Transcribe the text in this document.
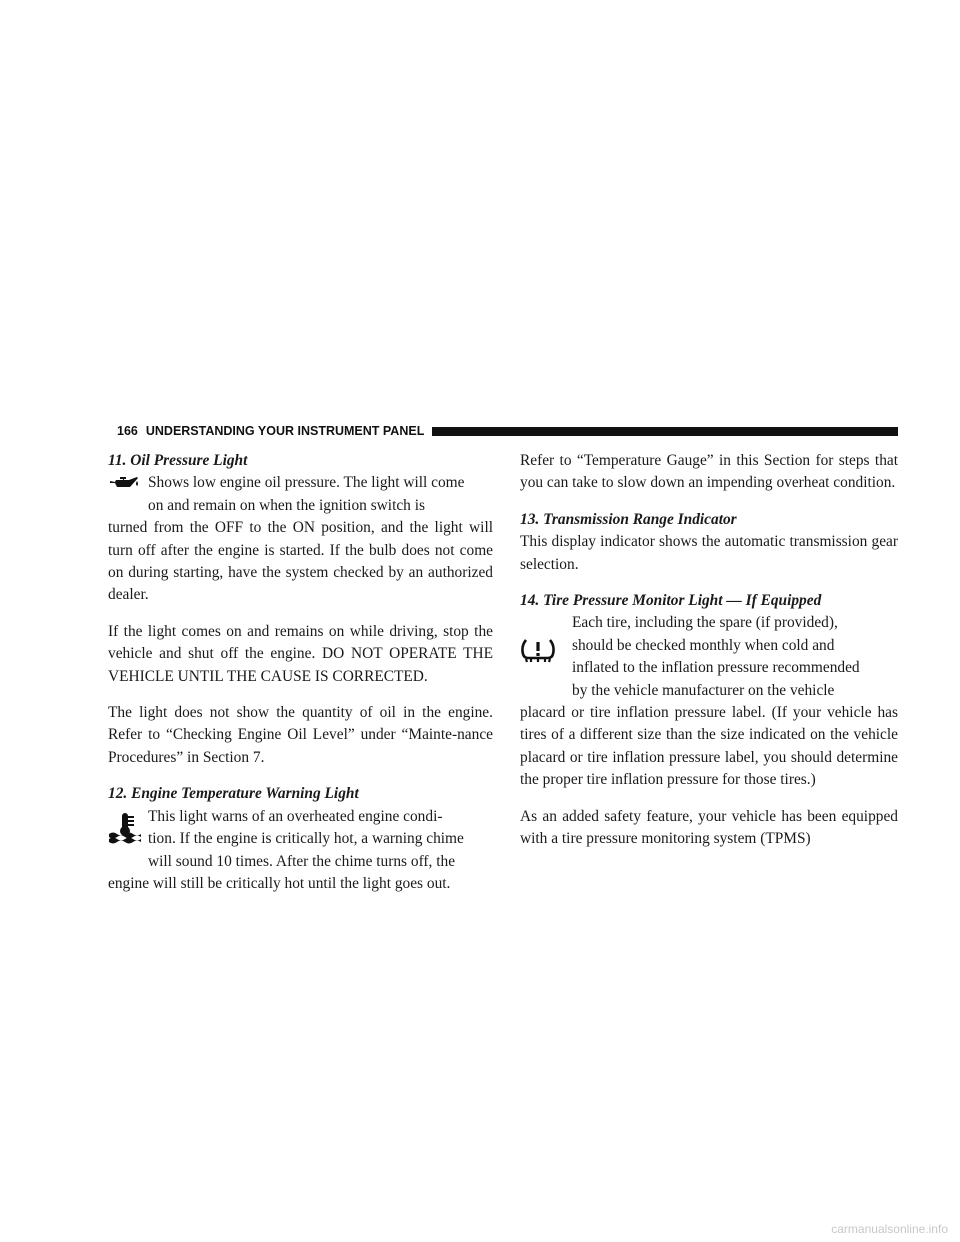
166 UNDERSTANDING YOUR INSTRUMENT PANEL

11. Oil Pressure Light

Shows low engine oil pressure. The light will come
on and remain on when the ignition switch is

turned from the OFF to the ON position, and the light will turn off after the engine is started. If the bulb does not come on during starting, have the system checked by an authorized dealer.

If the light comes on and remains on while driving, stop the vehicle and shut off the engine. DO NOT OPERATE THE VEHICLE UNTIL THE CAUSE IS CORRECTED.

The light does not show the quantity of oil in the engine. Refer to “Checking Engine Oil Level” under “Mainte-nance Procedures” in Section 7.

12. Engine Temperature Warning Light

This light warns of an overheated engine condi-
tion. If the engine is critically hot, a warning chime
will sound 10 times. After the chime turns off, the

engine will still be critically hot until the light goes out.

Refer to “Temperature Gauge” in this Section for steps that you can take to slow down an impending overheat condition.

13. Transmission Range Indicator

This display indicator shows the automatic transmission gear selection.

14. Tire Pressure Monitor Light — If Equipped

Each tire, including the spare (if provided),
should be checked monthly when cold and
inflated to the inflation pressure recommended
by the vehicle manufacturer on the vehicle

placard or tire inflation pressure label. (If your vehicle has tires of a different size than the size indicated on the vehicle placard or tire inflation pressure label, you should determine the proper tire inflation pressure for those tires.)

As an added safety feature, your vehicle has been equipped with a tire pressure monitoring system (TPMS)

carmanualsonline.info
